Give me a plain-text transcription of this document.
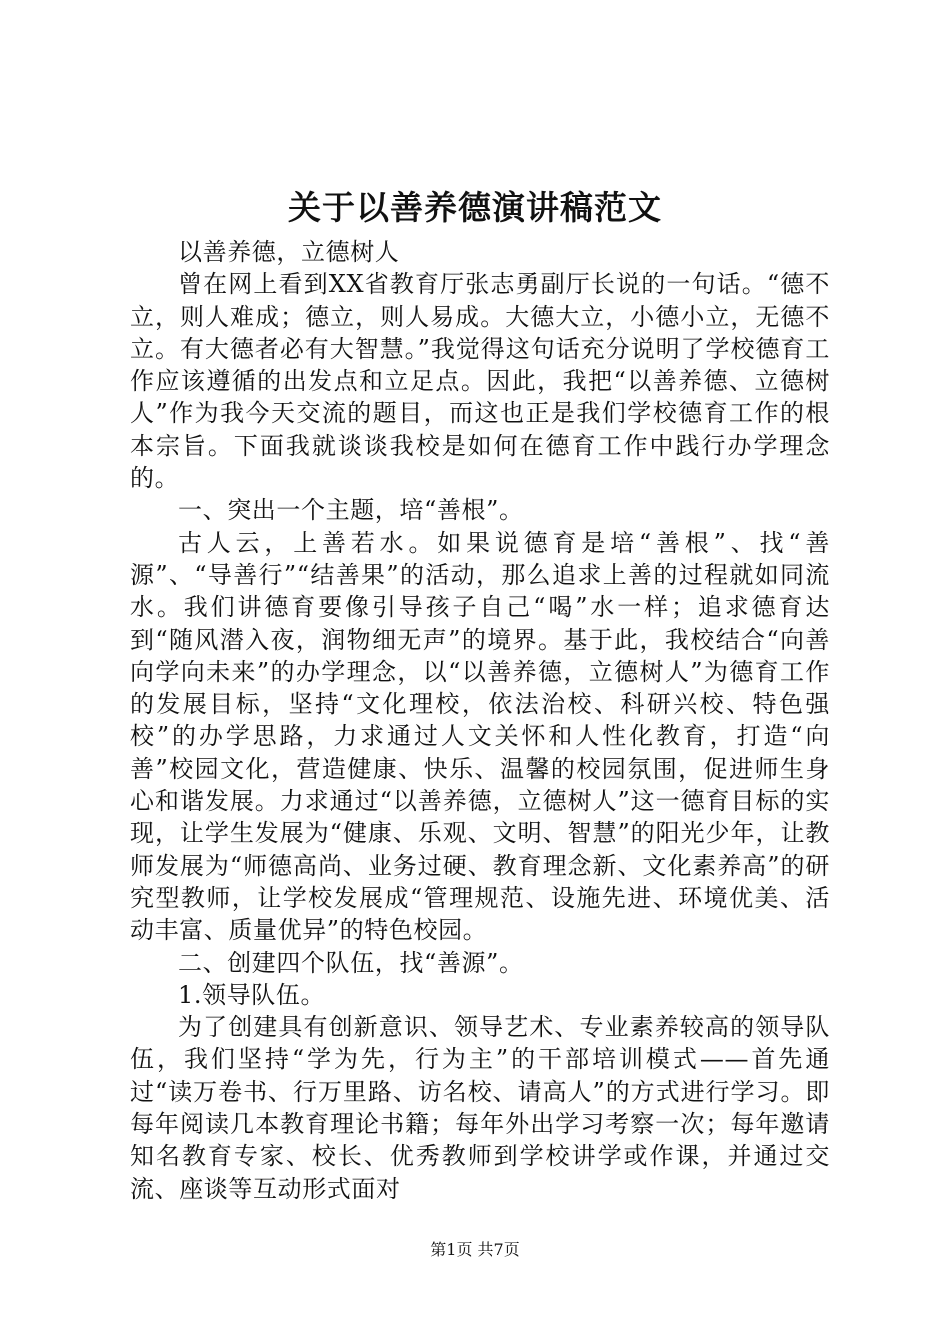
关于以善养德演讲稿范文

以善养德，立德树人

曾在网上看到XX省教育厅张志勇副厅长说的一句话。“德不立，则人难成；德立，则人易成。大德大立，小德小立，无德不立。有大德者必有大智慧。”我觉得这句话充分说明了学校德育工作应该遵循的出发点和立足点。因此，我把“以善养德、立德树人”作为我今天交流的题目，而这也正是我们学校德育工作的根本宗旨。下面我就谈谈我校是如何在德育工作中践行办学理念的。

一、突出一个主题，培“善根”。

古人云，上善若水。如果说德育是培“善根”、找“善源”、“导善行”“结善果”的活动，那么追求上善的过程就如同流水。我们讲德育要像引导孩子自己“喝”水一样；追求德育达到“随风潜入夜，润物细无声”的境界。基于此，我校结合“向善向学向未来”的办学理念，以“以善养德，立德树人”为德育工作的发展目标，坚持“文化理校，依法治校、科研兴校、特色强校”的办学思路，力求通过人文关怀和人性化教育，打造“向善”校园文化，营造健康、快乐、温馨的校园氛围，促进师生身心和谐发展。力求通过“以善养德，立德树人”这一德育目标的实现，让学生发展为“健康、乐观、文明、智慧”的阳光少年，让教师发展为“师德高尚、业务过硬、教育理念新、文化素养高”的研究型教师，让学校发展成“管理规范、设施先进、环境优美、活动丰富、质量优异”的特色校园。

二、创建四个队伍，找“善源”。

1.领导队伍。

为了创建具有创新意识、领导艺术、专业素养较高的领导队伍，我们坚持“学为先，行为主”的干部培训模式——首先通过“读万卷书、行万里路、访名校、请高人”的方式进行学习。即每年阅读几本教育理论书籍；每年外出学习考察一次；每年邀请知名教育专家、校长、优秀教师到学校讲学或作课，并通过交流、座谈等互动形式面对

第1页 共7页
